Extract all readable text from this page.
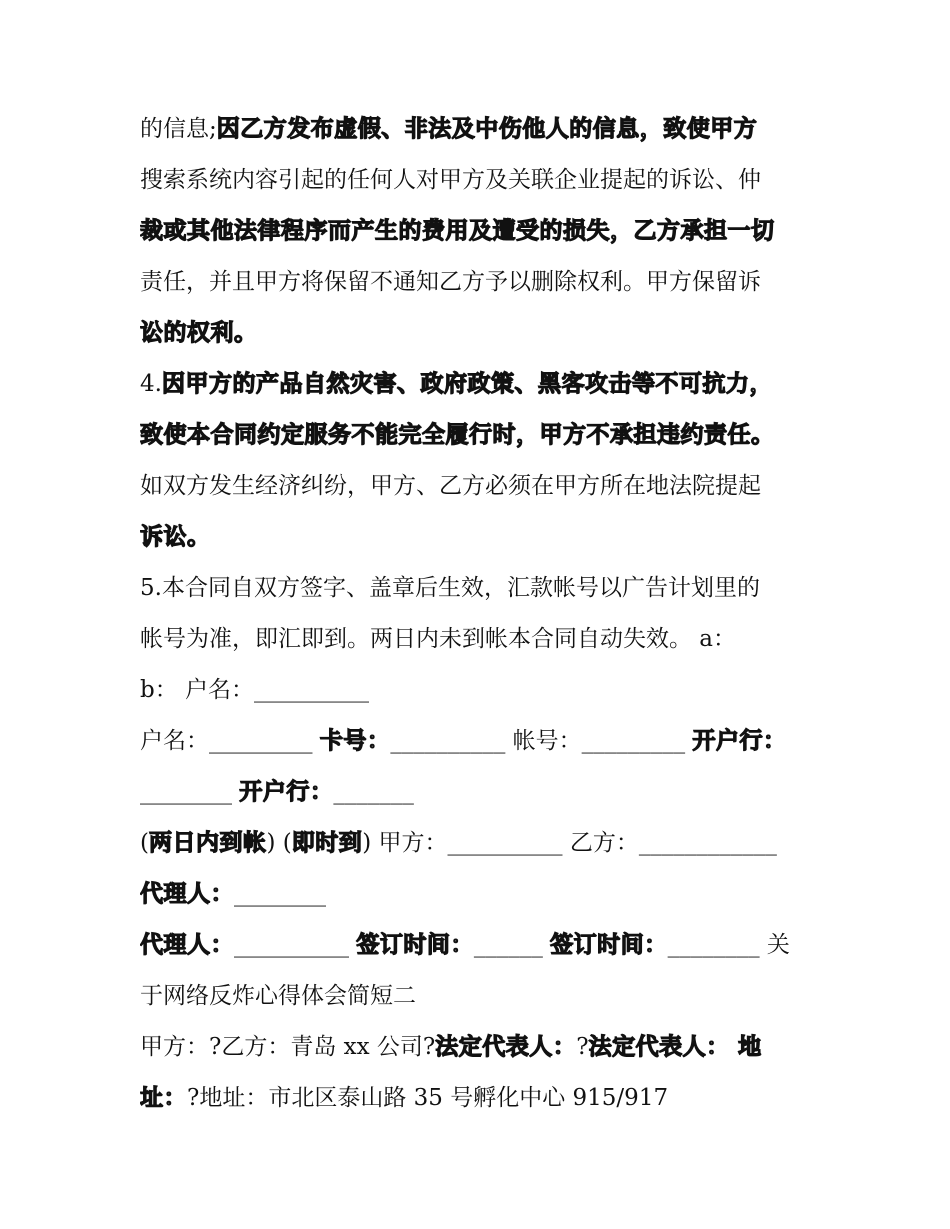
的信息;因乙方发布虚假、非法及中伤他人的信息，致使甲方
搜索系统内容引起的任何人对甲方及关联企业提起的诉讼、仲
裁或其他法律程序而产生的费用及遭受的损失，乙方承担一切
责任，并且甲方将保留不通知乙方予以删除权利。甲方保留诉
讼的权利。
4.因甲方的产品自然灾害、政府政策、黑客攻击等不可抗力，
致使本合同约定服务不能完全履行时，甲方不承担违约责任。
如双方发生经济纠纷，甲方、乙方必须在甲方所在地法院提起
诉讼。
5.本合同自双方签字、盖章后生效，汇款帐号以广告计划里的
帐号为准，即汇即到。两日内未到帐本合同自动失效。 a：
b： 户名：__________
户名：_________ 卡号：__________ 帐号：_________ 开户行：
________ 开户行：_______
(两日内到帐) (即时到) 甲方：__________ 乙方：____________
代理人：________
代理人：__________ 签订时间：______ 签订时间：________ 关
于网络反炸心得体会简短二
甲方：?乙方：青岛 xx 公司?法定代表人：?法定代表人： 地
址：?地址：市北区泰山路 35 号孵化中心 915/917
